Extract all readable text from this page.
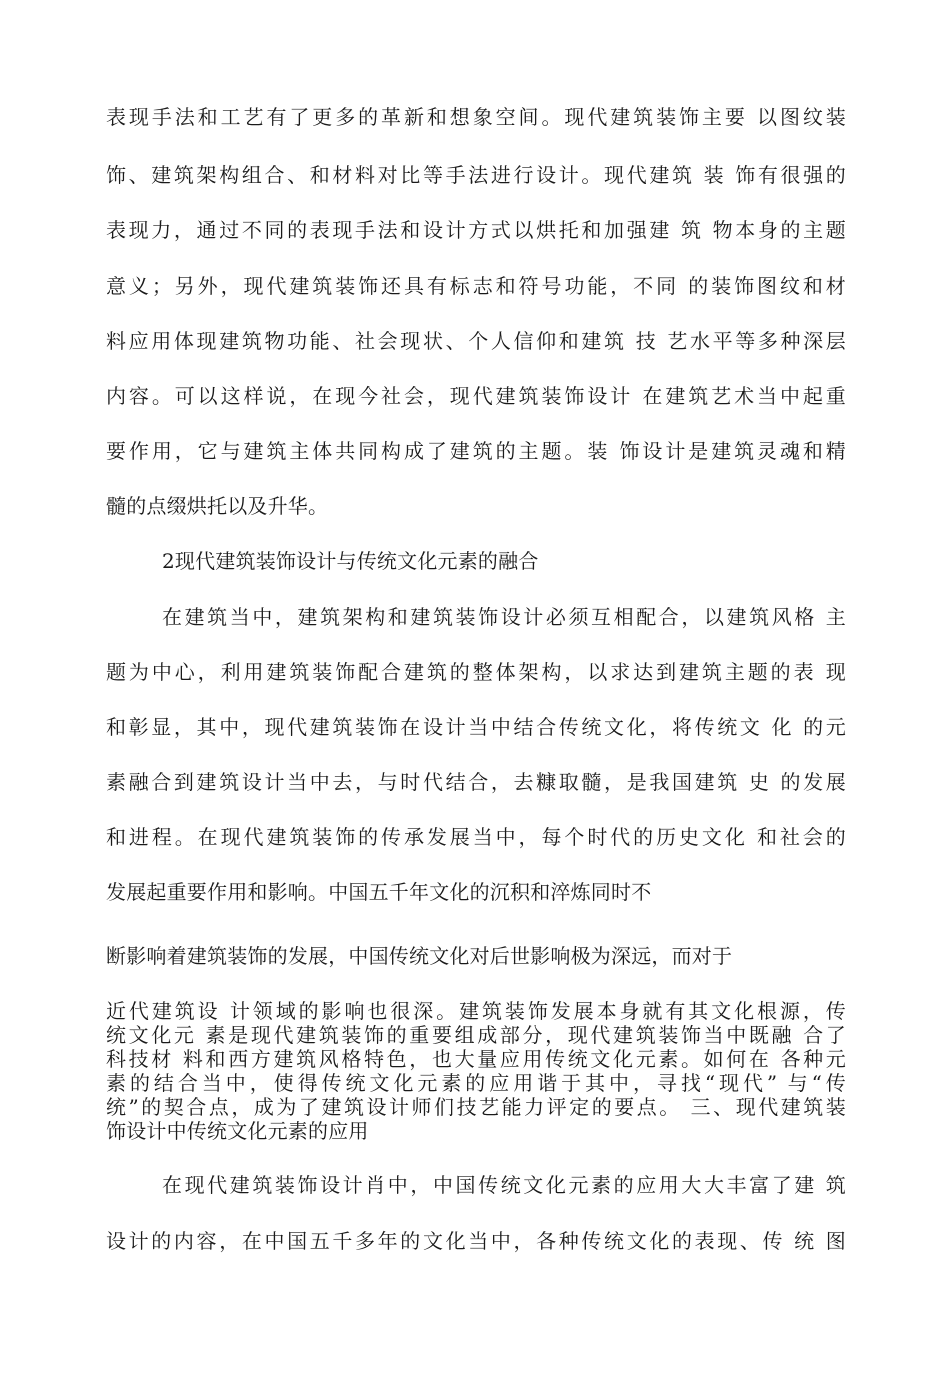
表现手法和工艺有了更多的革新和想象空间。现代建筑装饰主要 以图纹装
饰、建筑架构组合、和材料对比等手法进行设计。现代建筑 装 饰有很强的
表现力，通过不同的表现手法和设计方式以烘托和加强建 筑 物本身的主题
意义；另外，现代建筑装饰还具有标志和符号功能，不同 的装饰图纹和材
料应用体现建筑物功能、社会现状、个人信仰和建筑 技 艺水平等多种深层
内容。可以这样说，在现今社会，现代建筑装饰设计 在建筑艺术当中起重
要作用，它与建筑主体共同构成了建筑的主题。装 饰设计是建筑灵魂和精
髓的点缀烘托以及升华。
2现代建筑装饰设计与传统文化元素的融合
在建筑当中，建筑架构和建筑装饰设计必须互相配合，以建筑风格 主
题为中心，利用建筑装饰配合建筑的整体架构，以求达到建筑主题的表 现
和彰显，其中，现代建筑装饰在设计当中结合传统文化，将传统文 化 的元
素融合到建筑设计当中去，与时代结合，去糠取髓，是我国建筑 史 的发展
和进程。在现代建筑装饰的传承发展当中，每个时代的历史文化 和社会的
发展起重要作用和影响。中国五千年文化的沉积和淬炼同时不
断影响着建筑装饰的发展，中国传统文化对后世影响极为深远，而对于
近代建筑设 计领域的影响也很深。建筑装饰发展本身就有其文化根源，传
统文化元 素是现代建筑装饰的重要组成部分，现代建筑装饰当中既融 合了
科技材 料和西方建筑风格特色，也大量应用传统文化元素。如何在 各种元
素的结合当中，使得传统文化元素的应用谐于其中，寻找“现代” 与“传
统”的契合点，成为了建筑设计师们技艺能力评定的要点。 三、现代建筑装
饰设计中传统文化元素的应用
在现代建筑装饰设计肖中，中国传统文化元素的应用大大丰富了建 筑
设计的内容，在中国五千多年的文化当中，各种传统文化的表现、传 统 图
